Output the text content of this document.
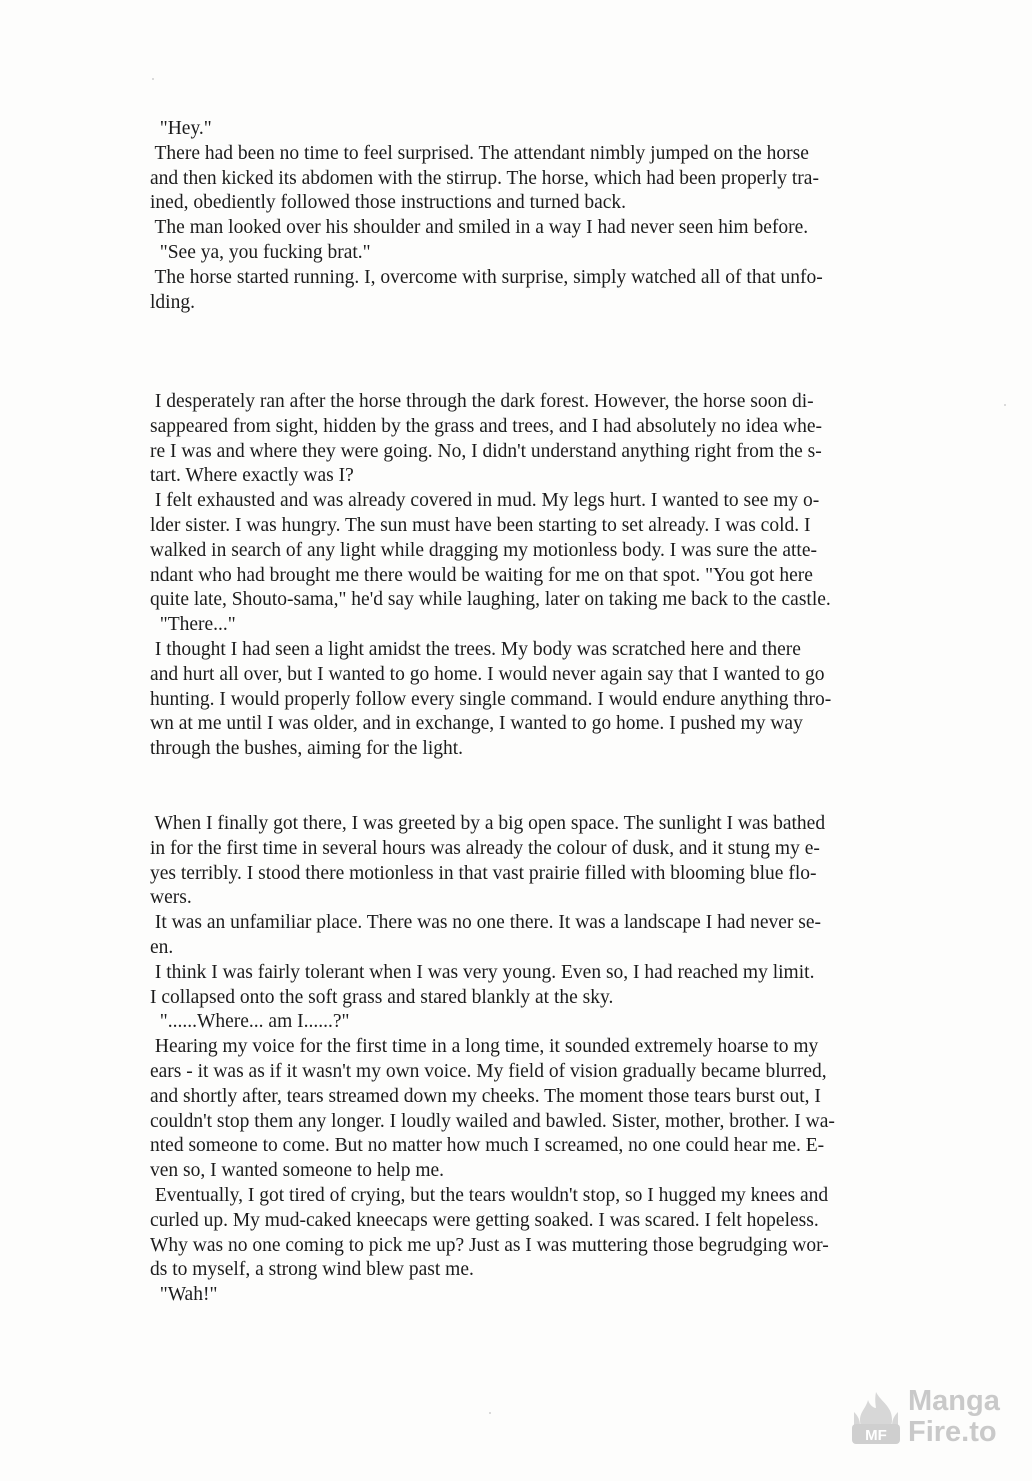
"Hey."
There had been no time to feel surprised. The attendant nimbly jumped on the horse
and then kicked its abdomen with the stirrup. The horse, which had been properly tra-
ined, obediently followed those instructions and turned back.
The man looked over his shoulder and smiled in a way I had never seen him before.
"See ya, you fucking brat."
The horse started running. I, overcome with surprise, simply watched all of that unfo-
lding.
I desperately ran after the horse through the dark forest. However, the horse soon di-
sappeared from sight, hidden by the grass and trees, and I had absolutely no idea whe-
re I was and where they were going. No, I didn't understand anything right from the s-
tart. Where exactly was I?
I felt exhausted and was already covered in mud. My legs hurt. I wanted to see my o-
lder sister. I was hungry. The sun must have been starting to set already. I was cold. I
walked in search of any light while dragging my motionless body. I was sure the atte-
ndant who had brought me there would be waiting for me on that spot. "You got here
quite late, Shouto-sama," he'd say while laughing, later on taking me back to the castle.
"There..."
I thought I had seen a light amidst the trees. My body was scratched here and there
and hurt all over, but I wanted to go home. I would never again say that I wanted to go
hunting. I would properly follow every single command. I would endure anything thro-
wn at me until I was older, and in exchange, I wanted to go home. I pushed my way
through the bushes, aiming for the light.
When I finally got there, I was greeted by a big open space. The sunlight I was bathed
in for the first time in several hours was already the colour of dusk, and it stung my e-
yes terribly. I stood there motionless in that vast prairie filled with blooming blue flo-
wers.
It was an unfamiliar place. There was no one there. It was a landscape I had never se-
en.
I think I was fairly tolerant when I was very young. Even so, I had reached my limit.
I collapsed onto the soft grass and stared blankly at the sky.
"......Where... am I......?"
Hearing my voice for the first time in a long time, it sounded extremely hoarse to my
ears - it was as if it wasn't my own voice. My field of vision gradually became blurred,
and shortly after, tears streamed down my cheeks. The moment those tears burst out, I
couldn't stop them any longer. I loudly wailed and bawled. Sister, mother, brother. I wa-
nted someone to come. But no matter how much I screamed, no one could hear me. E-
ven so, I wanted someone to help me.
Eventually, I got tired of crying, but the tears wouldn't stop, so I hugged my knees and
curled up. My mud-caked kneecaps were getting soaked. I was scared. I felt hopeless.
Why was no one coming to pick me up? Just as I was muttering those begrudging wor-
ds to myself, a strong wind blew past me.
"Wah!"
MF
Manga
Fire.to
